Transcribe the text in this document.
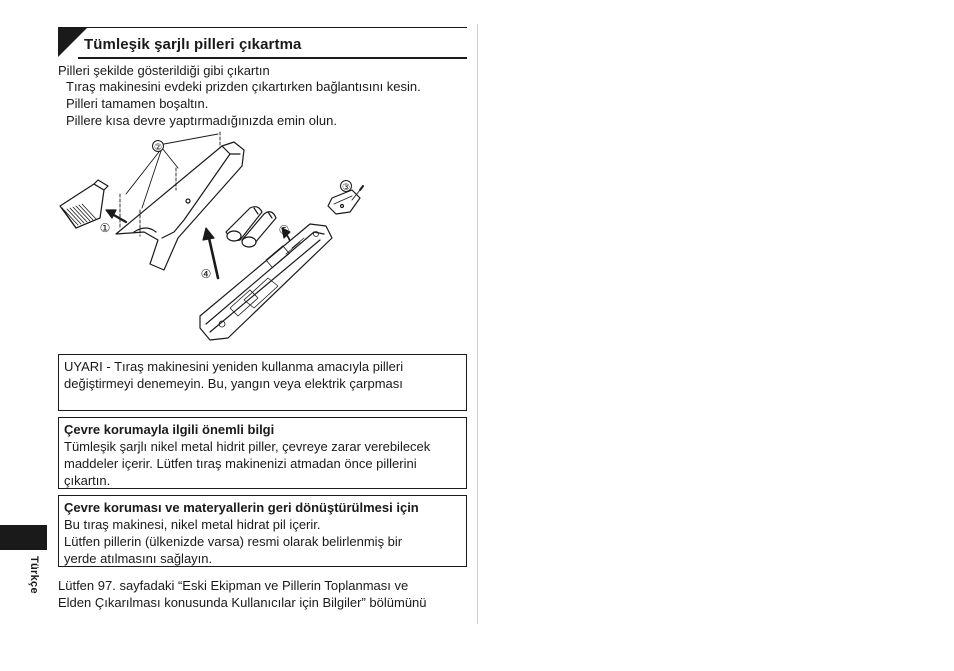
Tümleşik şarjlı pilleri çıkartma
Pilleri şekilde gösterildiği gibi çıkartın
Tıraş makinesini evdeki prizden çıkartırken bağlantısını kesin.
Pilleri tamamen boşaltın.
Pillere kısa devre yaptırmadığınızda emin olun.
②
①
④
⑤
③
UYARI - Tıraş makinesini yeniden kullanma amacıyla pilleri
değiştirmeyi denemeyin. Bu, yangın veya elektrik çarpması
Çevre korumayla ilgili önemli bilgi
Tümleşik şarjlı nikel metal hidrit piller, çevreye zarar verebilecek
maddeler içerir. Lütfen tıraş makinenizi atmadan önce pillerini
çıkartın.
Çevre koruması ve materyallerin geri dönüştürülmesi için
Bu tıraş makinesi, nikel metal hidrat pil içerir.
Lütfen pillerin (ülkenizde varsa) resmi olarak belirlenmiş bir
yerde atılmasını sağlayın.
Lütfen 97. sayfadaki “Eski Ekipman ve Pillerin Toplanması ve
Elden Çıkarılması konusunda Kullanıcılar için Bilgiler” bölümünü
Türkçe
